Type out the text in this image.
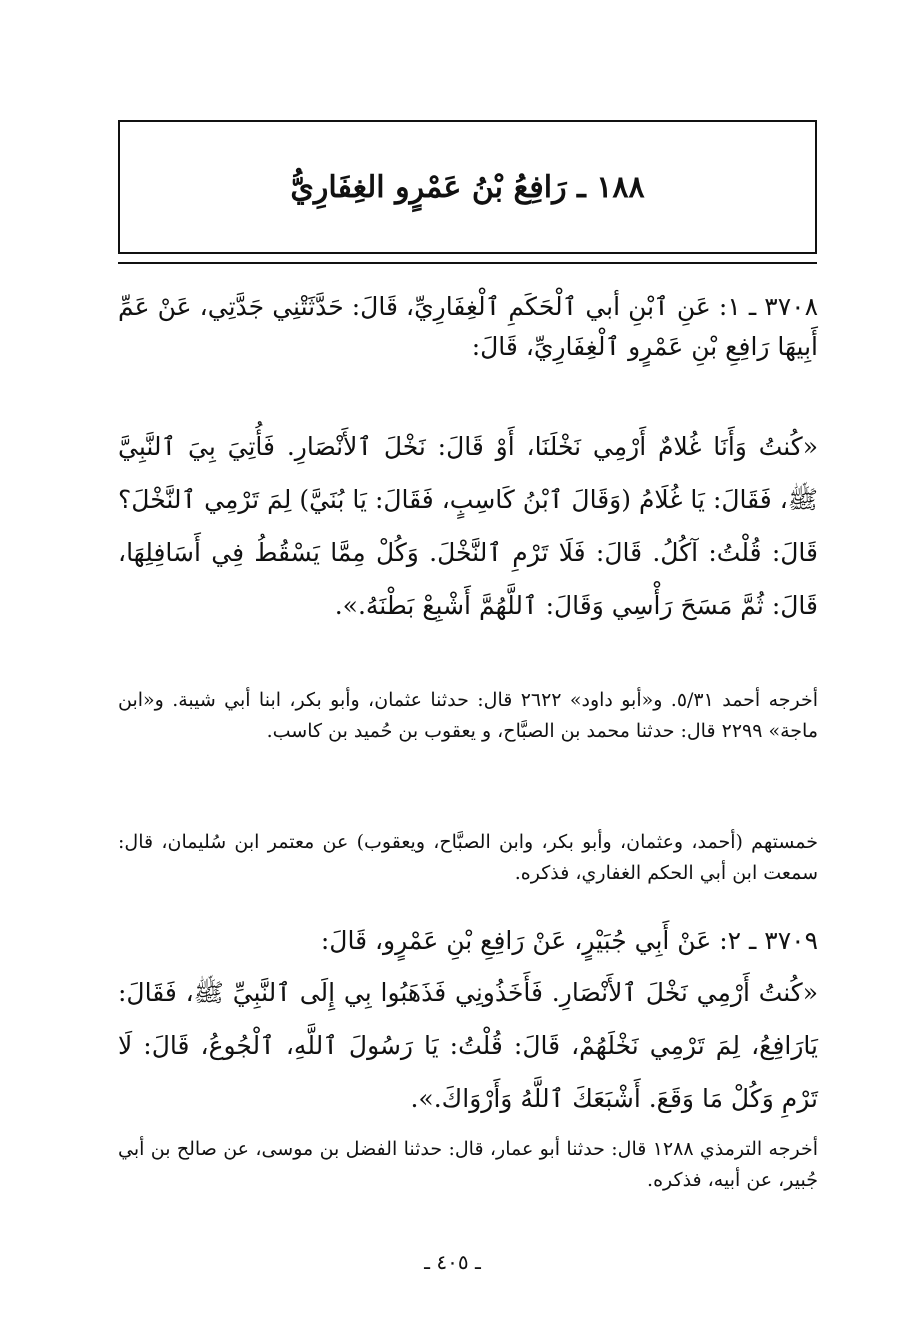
١٨٨ ـ رَافِعُ بْنُ عَمْرٍو الغِفَارِيُّ

٣٧٠٨ ـ ١: عَنِ ٱبْنِ أبي ٱلْحَكَمِ ٱلْغِفَارِيِّ، قَالَ: حَدَّثَتْنِي جَدَّتِي، عَنْ عَمِّ أَبِيهَا رَافِعِ بْنِ عَمْرٍو ٱلْغِفَارِيِّ، قَالَ:

«كُنتُ وَأَنَا غُلامٌ أَرْمِي نَخْلَنَا، أَوْ قَالَ: نَخْلَ ٱلأَنْصَارِ. فَأُتِيَ بِيَ ٱلنَّبِيَّ ﷺ، فَقَالَ: يَا غُلَامُ (وَقَالَ ٱبْنُ كَاسِبٍ، فَقَالَ: يَا بُنَيَّ) لِمَ تَرْمِي ٱلنَّخْلَ؟ قَالَ: قُلْتُ: آكُلُ. قَالَ: فَلَا تَرْمِ ٱلنَّخْلَ. وَكُلْ مِمَّا يَسْقُطُ فِي أَسَافِلِهَا، قَالَ: ثُمَّ مَسَحَ رَأْسِي وَقَالَ: ٱللَّهُمَّ أَشْبِعْ بَطْنَهُ.».

أخرجه أحمد ٥/٣١. و«أبو داود» ٢٦٢٢ قال: حدثنا عثمان، وأبو بكر، ابنا أبي شيبة. و«ابن ماجة» ٢٢٩٩ قال: حدثنا محمد بن الصبَّاح، و يعقوب بن حُميد بن كاسب.

خمستهم (أحمد، وعثمان، وأبو بكر، وابن الصبَّاح، ويعقوب) عن معتمر ابن سُليمان، قال: سمعت ابن أبي الحكم الغفاري، فذكره.

٣٧٠٩ ـ ٢: عَنْ أَبِي جُبَيْرٍ، عَنْ رَافِعِ بْنِ عَمْرٍو، قَالَ:

«كُنتُ أَرْمِي نَخْلَ ٱلأَنْصَارِ. فَأَخَذُونِي فَذَهَبُوا بِي إِلَى ٱلنَّبِيِّ ﷺ، فَقَالَ: يَارَافِعُ، لِمَ تَرْمِي نَخْلَهُمْ، قَالَ: قُلْتُ: يَا رَسُولَ ٱللَّهِ، ٱلْجُوعُ، قَالَ: لَا تَرْمِ وَكُلْ مَا وَقَعَ. أَشْبَعَكَ ٱللَّهُ وَأَرْوَاكَ.».

أخرجه الترمذي ١٢٨٨ قال: حدثنا أبو عمار، قال: حدثنا الفضل بن موسى، عن صالح بن أبي جُبير، عن أبيه، فذكره.

ـ ٤٠٥ ـ
